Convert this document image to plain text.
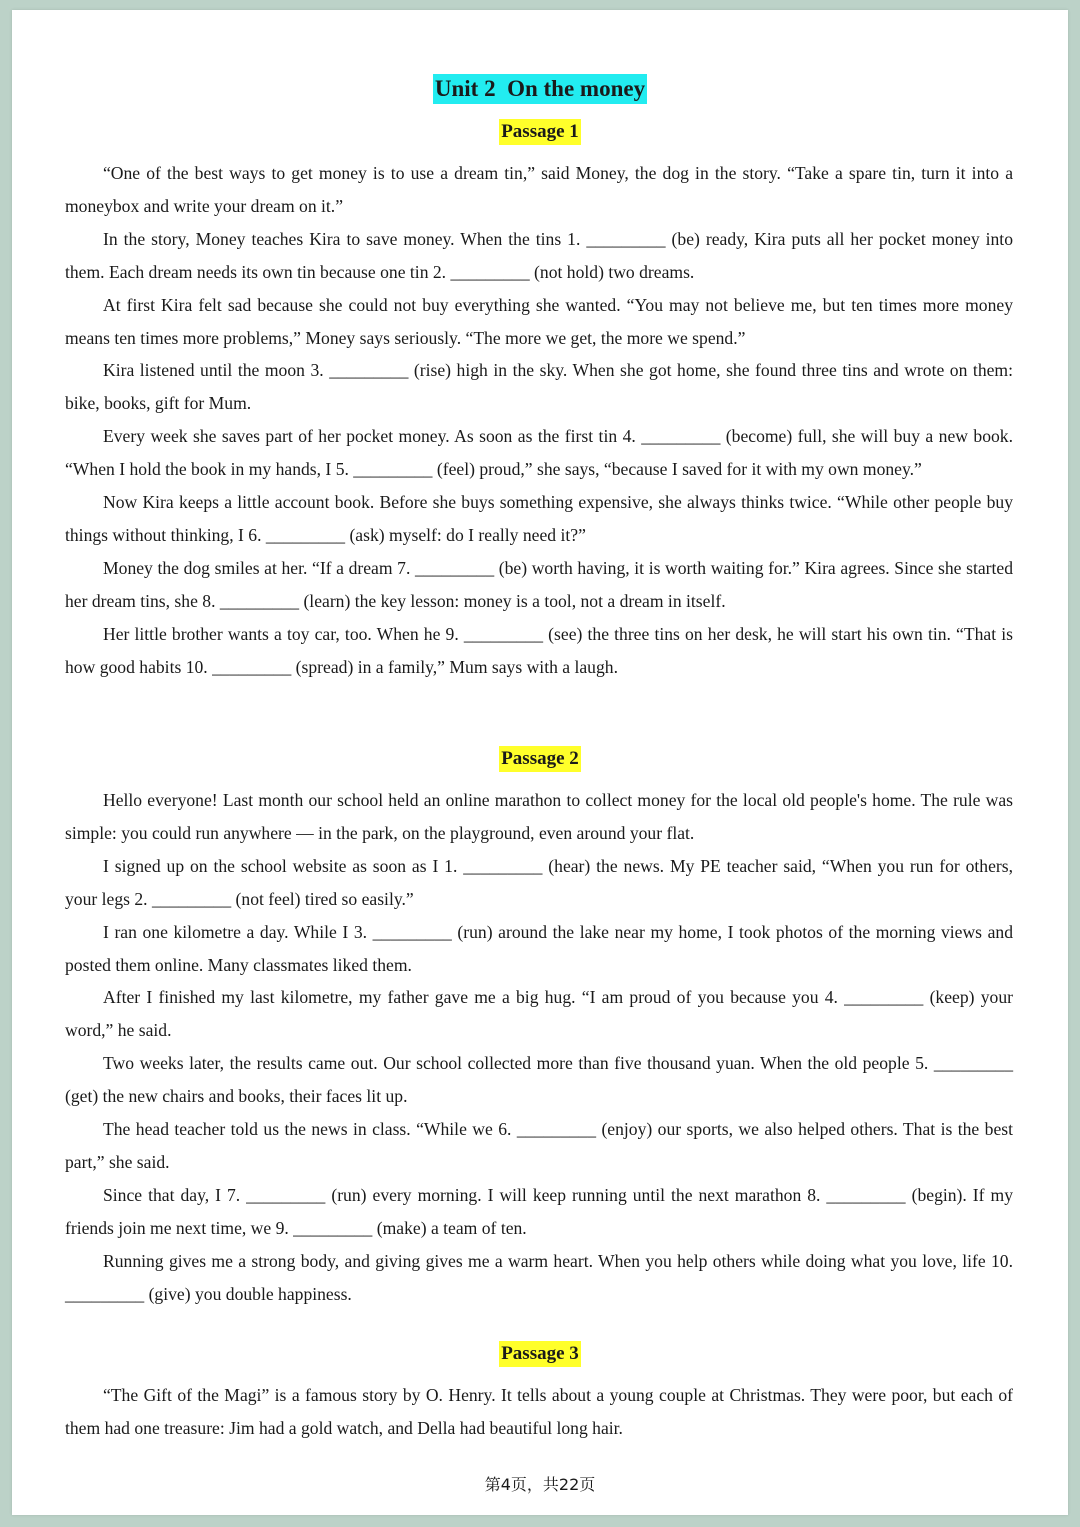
Unit 2  On the money
Passage 1

“One of the best ways to get money is to use a dream tin,” said Money, the dog in the story. “Take a spare tin, turn it into a moneybox and write your dream on it.”

In the story, Money teaches Kira to save money. When the tins 1. _________ (be) ready, Kira puts all her pocket money into them. Each dream needs its own tin because one tin 2. _________ (not hold) two dreams.

At first Kira felt sad because she could not buy everything she wanted. “You may not believe me, but ten times more money means ten times more problems,” Money says seriously. “The more we get, the more we spend.”

Kira listened until the moon 3. _________ (rise) high in the sky. When she got home, she found three tins and wrote on them: bike, books, gift for Mum.

Every week she saves part of her pocket money. As soon as the first tin 4. _________ (become) full, she will buy a new book. “When I hold the book in my hands, I 5. _________ (feel) proud,” she says, “because I saved for it with my own money.”

Now Kira keeps a little account book. Before she buys something expensive, she always thinks twice. “While other people buy things without thinking, I 6. _________ (ask) myself: do I really need it?”

Money the dog smiles at her. “If a dream 7. _________ (be) worth having, it is worth waiting for.” Kira agrees. Since she started her dream tins, she 8. _________ (learn) the key lesson: money is a tool, not a dream in itself.

Her little brother wants a toy car, too. When he 9. _________ (see) the three tins on her desk, he will start his own tin. “That is how good habits 10. _________ (spread) in a family,” Mum says with a laugh.

Passage 2

Hello everyone! Last month our school held an online marathon to collect money for the local old people's home. The rule was simple: you could run anywhere — in the park, on the playground, even around your flat.

I signed up on the school website as soon as I 1. _________ (hear) the news. My PE teacher said, “When you run for others, your legs 2. _________ (not feel) tired so easily.”

I ran one kilometre a day. While I 3. _________ (run) around the lake near my home, I took photos of the morning views and posted them online. Many classmates liked them.

After I finished my last kilometre, my father gave me a big hug. “I am proud of you because you 4. _________ (keep) your word,” he said.

Two weeks later, the results came out. Our school collected more than five thousand yuan. When the old people 5. _________ (get) the new chairs and books, their faces lit up.

The head teacher told us the news in class. “While we 6. _________ (enjoy) our sports, we also helped others. That is the best part,” she said.

Since that day, I 7. _________ (run) every morning. I will keep running until the next marathon 8. _________ (begin). If my friends join me next time, we 9. _________ (make) a team of ten.

Running gives me a strong body, and giving gives me a warm heart. When you help others while doing what you love, life 10. _________ (give) you double happiness.

Passage 3

“The Gift of the Magi” is a famous story by O. Henry. It tells about a young couple at Christmas. They were poor, but each of them had one treasure: Jim had a gold watch, and Della had beautiful long hair.

第4页，共22页
